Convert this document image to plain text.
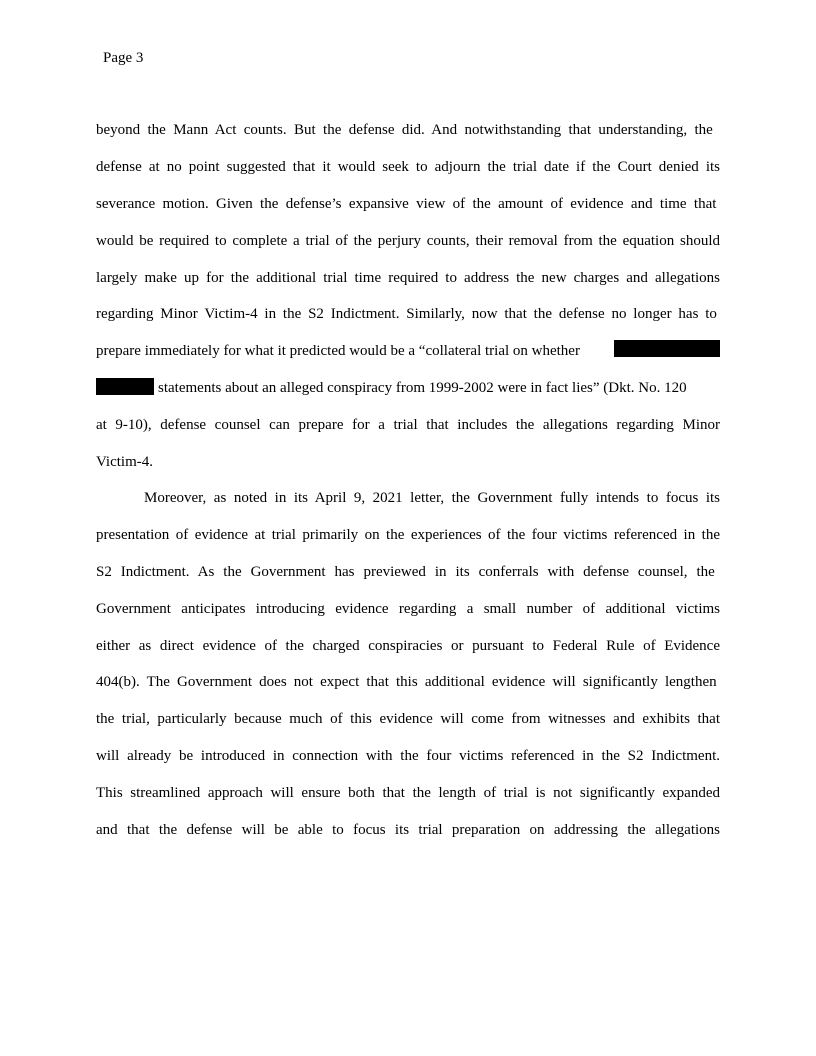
Page 3
beyond the Mann Act counts. But the defense did. And notwithstanding that understanding, the
defense at no point suggested that it would seek to adjourn the trial date if the Court denied its
severance motion. Given the defense’s expansive view of the amount of evidence and time that
would be required to complete a trial of the perjury counts, their removal from the equation should
largely make up for the additional trial time required to address the new charges and allegations
regarding Minor Victim-4 in the S2 Indictment. Similarly, now that the defense no longer has to
prepare immediately for what it predicted would be a “collateral trial on whether
statements about an alleged conspiracy from 1999-2002 were in fact lies” (Dkt. No. 120
at 9-10), defense counsel can prepare for a trial that includes the allegations regarding Minor
Victim-4.
Moreover, as noted in its April 9, 2021 letter, the Government fully intends to focus its
presentation of evidence at trial primarily on the experiences of the four victims referenced in the
S2 Indictment. As the Government has previewed in its conferrals with defense counsel, the
Government anticipates introducing evidence regarding a small number of additional victims
either as direct evidence of the charged conspiracies or pursuant to Federal Rule of Evidence
404(b). The Government does not expect that this additional evidence will significantly lengthen
the trial, particularly because much of this evidence will come from witnesses and exhibits that
will already be introduced in connection with the four victims referenced in the S2 Indictment.
This streamlined approach will ensure both that the length of trial is not significantly expanded
and that the defense will be able to focus its trial preparation on addressing the allegations
